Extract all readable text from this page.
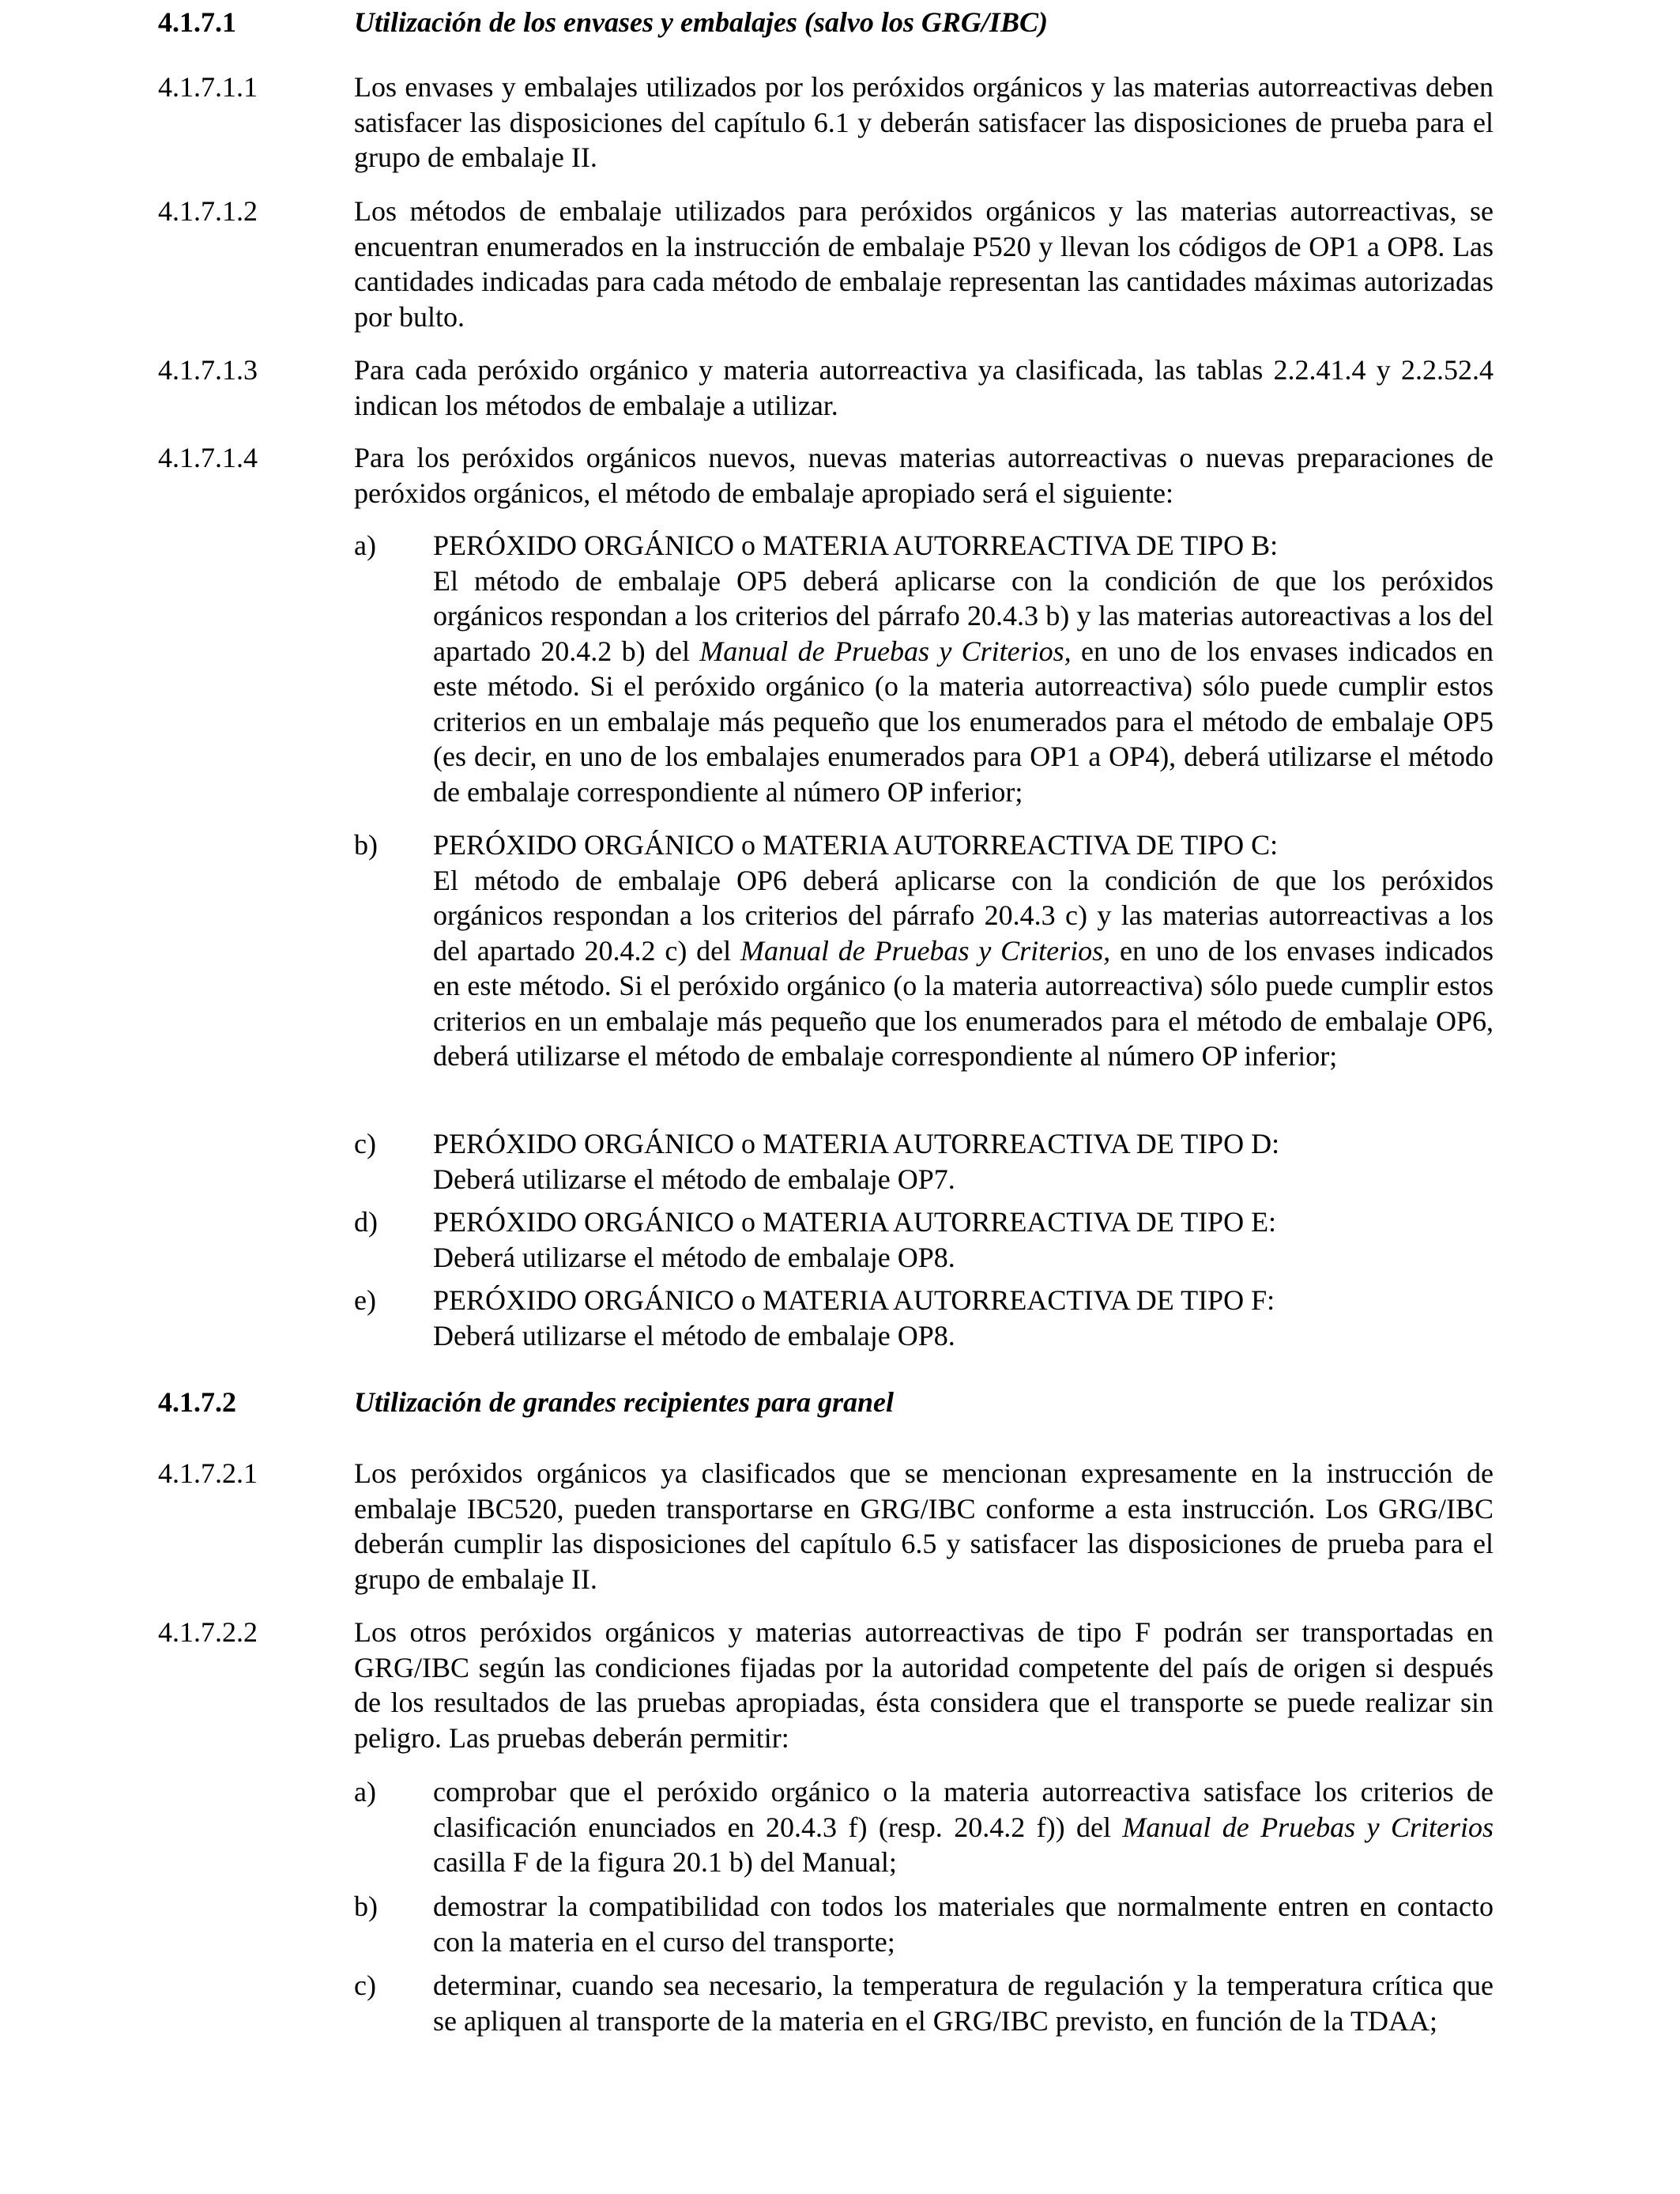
4.1.7.1	Utilización de los envases y embalajes (salvo los GRG/IBC)
4.1.7.1.1	Los envases y embalajes utilizados por los peróxidos orgánicos y las materias autorreactivas deben satisfacer las disposiciones del capítulo 6.1 y deberán satisfacer las disposiciones de prueba para el grupo de embalaje II.
4.1.7.1.2	Los métodos de embalaje utilizados para peróxidos orgánicos y las materias autorreactivas, se encuentran enumerados en la instrucción de embalaje P520 y llevan los códigos de OP1 a OP8. Las cantidades indicadas para cada método de embalaje representan las cantidades máximas autorizadas por bulto.
4.1.7.1.3	Para cada peróxido orgánico y materia autorreactiva ya clasificada, las tablas 2.2.41.4 y 2.2.52.4 indican los métodos de embalaje a utilizar.
4.1.7.1.4	Para los peróxidos orgánicos nuevos, nuevas materias autorreactivas o nuevas preparaciones de peróxidos orgánicos, el método de embalaje apropiado será el siguiente:
a) PERÓXIDO ORGÁNICO o MATERIA AUTORREACTIVA DE TIPO B:
El método de embalaje OP5 deberá aplicarse con la condición de que los peróxidos orgánicos respondan a los criterios del párrafo 20.4.3 b) y las materias autoreactivas a los del apartado 20.4.2 b) del Manual de Pruebas y Criterios, en uno de los envases indicados en este método. Si el peróxido orgánico (o la materia autorreactiva) sólo puede cumplir estos criterios en un embalaje más pequeño que los enumerados para el método de embalaje OP5 (es decir, en uno de los embalajes enumerados para OP1 a OP4), deberá utilizarse el método de embalaje correspondiente al número OP inferior;
b) PERÓXIDO ORGÁNICO o MATERIA AUTORREACTIVA DE TIPO C:
El método de embalaje OP6 deberá aplicarse con la condición de que los peróxidos orgánicos respondan a los criterios del párrafo 20.4.3 c) y las materias autorreactivas a los del apartado 20.4.2 c) del Manual de Pruebas y Criterios, en uno de los envases indicados en este método. Si el peróxido orgánico (o la materia autorreactiva) sólo puede cumplir estos criterios en un embalaje más pequeño que los enumerados para el método de embalaje OP6, deberá utilizarse el método de embalaje correspondiente al número OP inferior;
c) PERÓXIDO ORGÁNICO o MATERIA AUTORREACTIVA DE TIPO D:
Deberá utilizarse el método de embalaje OP7.
d) PERÓXIDO ORGÁNICO o MATERIA AUTORREACTIVA DE TIPO E:
Deberá utilizarse el método de embalaje OP8.
e) PERÓXIDO ORGÁNICO o MATERIA AUTORREACTIVA DE TIPO F:
Deberá utilizarse el método de embalaje OP8.
4.1.7.2	Utilización de grandes recipientes para granel
4.1.7.2.1	Los peróxidos orgánicos ya clasificados que se mencionan expresamente en la instrucción de embalaje IBC520, pueden transportarse en GRG/IBC conforme a esta instrucción. Los GRG/IBC deberán cumplir las disposiciones del capítulo 6.5 y satisfacer las disposiciones de prueba para el grupo de embalaje II.
4.1.7.2.2	Los otros peróxidos orgánicos y materias autorreactivas de tipo F podrán ser transportadas en GRG/IBC según las condiciones fijadas por la autoridad competente del país de origen si después de los resultados de las pruebas apropiadas, ésta considera que el transporte se puede realizar sin peligro. Las pruebas deberán permitir:
a) comprobar que el peróxido orgánico o la materia autorreactiva satisface los criterios de clasificación enunciados en 20.4.3 f) (resp. 20.4.2 f)) del Manual de Pruebas y Criterios casilla F de la figura 20.1 b) del Manual;
b) demostrar la compatibilidad con todos los materiales que normalmente entren en contacto con la materia en el curso del transporte;
c) determinar, cuando sea necesario, la temperatura de regulación y la temperatura crítica que se apliquen al transporte de la materia en el GRG/IBC previsto, en función de la TDAA;
